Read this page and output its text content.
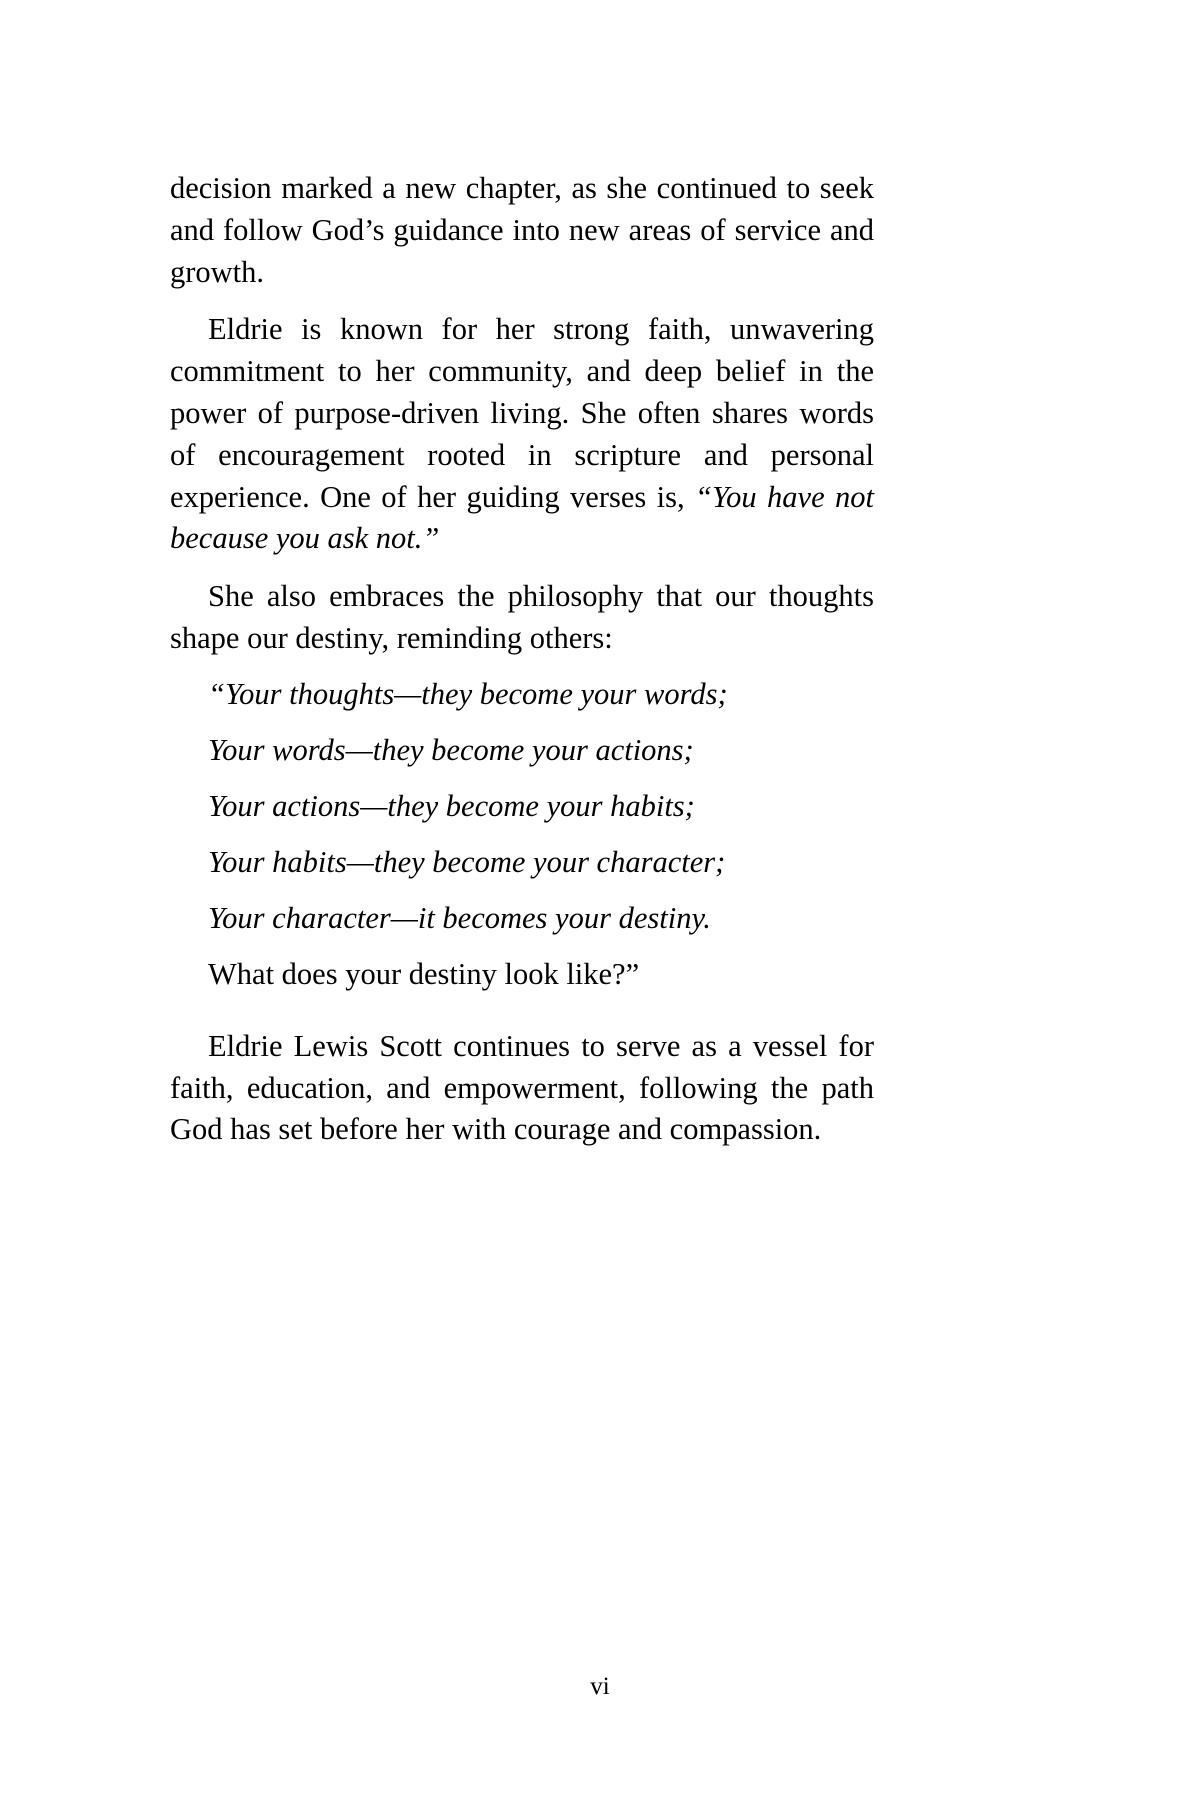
decision marked a new chapter, as she continued to seek and follow God’s guidance into new areas of service and growth.

Eldrie is known for her strong faith, unwavering commitment to her community, and deep belief in the power of purpose-driven living. She often shares words of encouragement rooted in scripture and personal experience. One of her guiding verses is, “You have not because you ask not.”

She also embraces the philosophy that our thoughts shape our destiny, reminding others:

“Your thoughts—they become your words;
Your words—they become your actions;
Your actions—they become your habits;
Your habits—they become your character;
Your character—it becomes your destiny.
What does your destiny look like?”

Eldrie Lewis Scott continues to serve as a vessel for faith, education, and empowerment, following the path God has set before her with courage and compassion.

vi
